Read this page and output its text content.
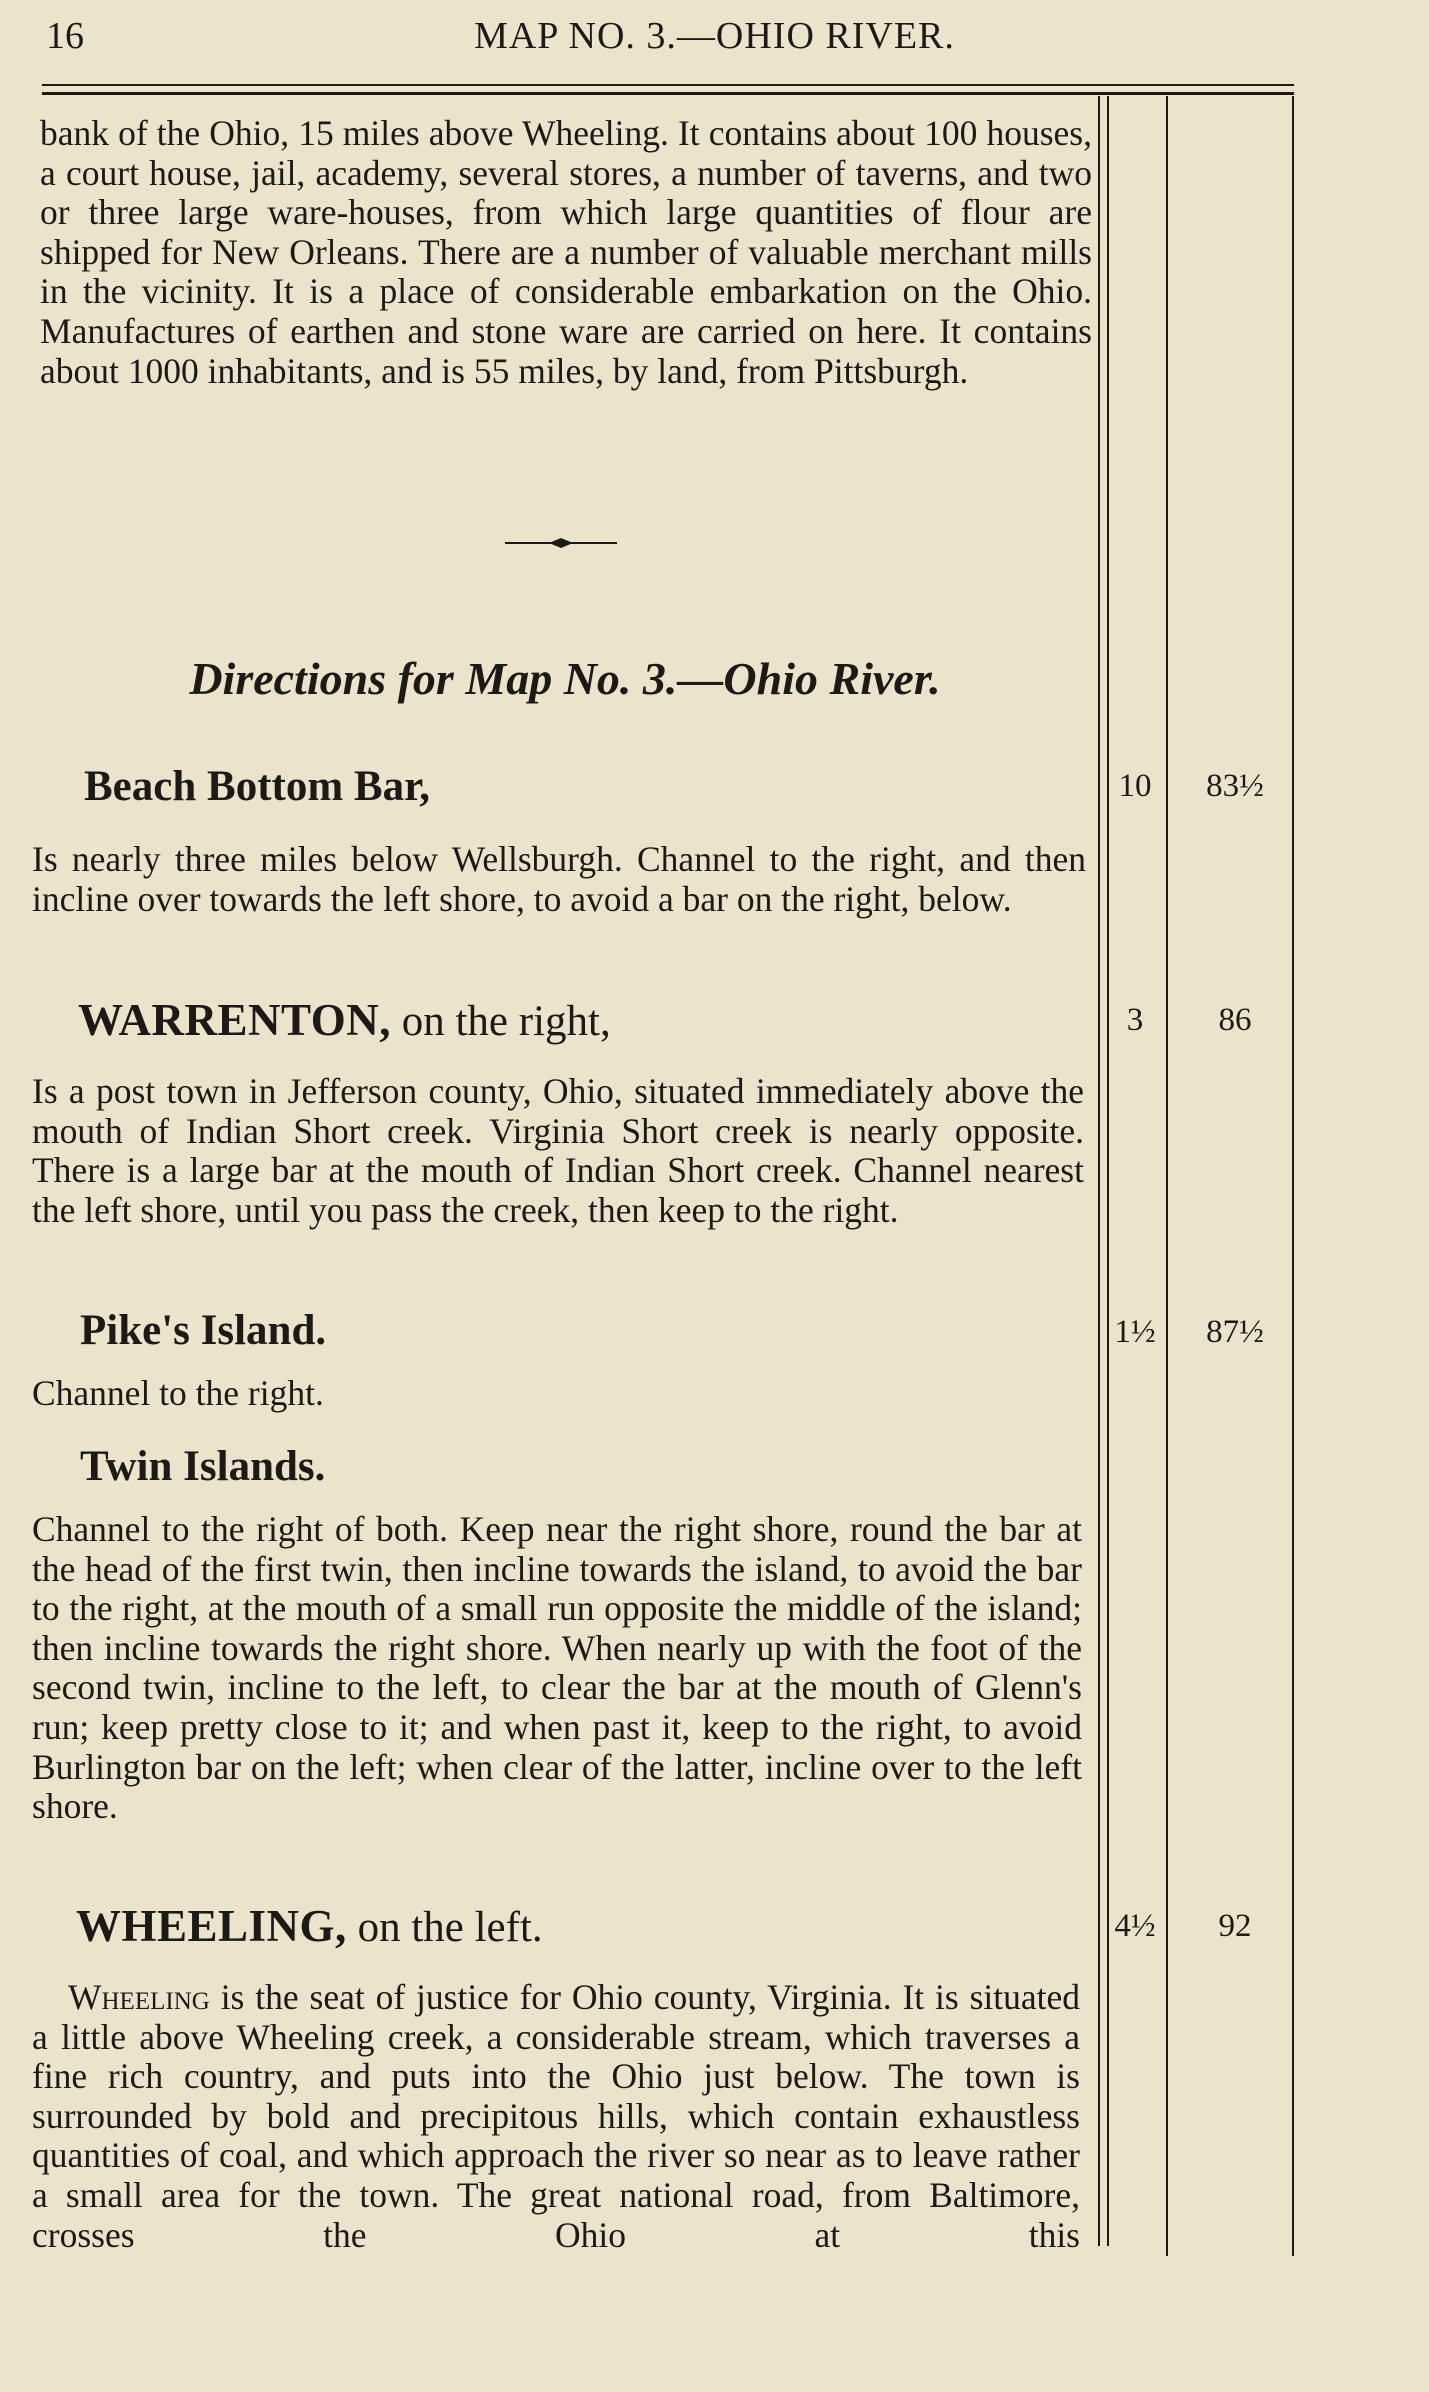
16	MAP NO. 3.—OHIO RIVER.
bank of the Ohio, 15 miles above Wheeling. It contains about 100 houses, a court house, jail, academy, several stores, a number of taverns, and two or three large ware-houses, from which large quantities of flour are shipped for New Orleans. There are a number of valuable merchant mills in the vicinity. It is a place of considerable embarkation on the Ohio. Manufactures of earthen and stone ware are carried on here. It contains about 1000 inhabitants, and is 55 miles, by land, from Pittsburgh.
Directions for Map No. 3.—Ohio River.
Beach Bottom Bar,	10	83½
Is nearly three miles below Wellsburgh. Channel to the right, and then incline over towards the left shore, to avoid a bar on the right, below.
WARRENTON, on the right,	3	86
Is a post town in Jefferson county, Ohio, situated immediately above the mouth of Indian Short creek. Virginia Short creek is nearly opposite. There is a large bar at the mouth of Indian Short creek. Channel nearest the left shore, until you pass the creek, then keep to the right.
Pike's Island.	1½	87½
Channel to the right.
Twin Islands.
Channel to the right of both. Keep near the right shore, round the bar at the head of the first twin, then incline towards the island, to avoid the bar to the right, at the mouth of a small run opposite the middle of the island; then incline towards the right shore. When nearly up with the foot of the second twin, incline to the left, to clear the bar at the mouth of Glenn's run; keep pretty close to it; and when past it, keep to the right, to avoid Burlington bar on the left; when clear of the latter, incline over to the left shore.
WHEELING, on the left.	4½	92
Wheeling is the seat of justice for Ohio county, Virginia. It is situated a little above Wheeling creek, a considerable stream, which traverses a fine rich country, and puts into the Ohio just below. The town is surrounded by bold and precipitous hills, which contain exhaustless quantities of coal, and which approach the river so near as to leave rather a small area for the town. The great national road, from Baltimore, crosses the Ohio at this
